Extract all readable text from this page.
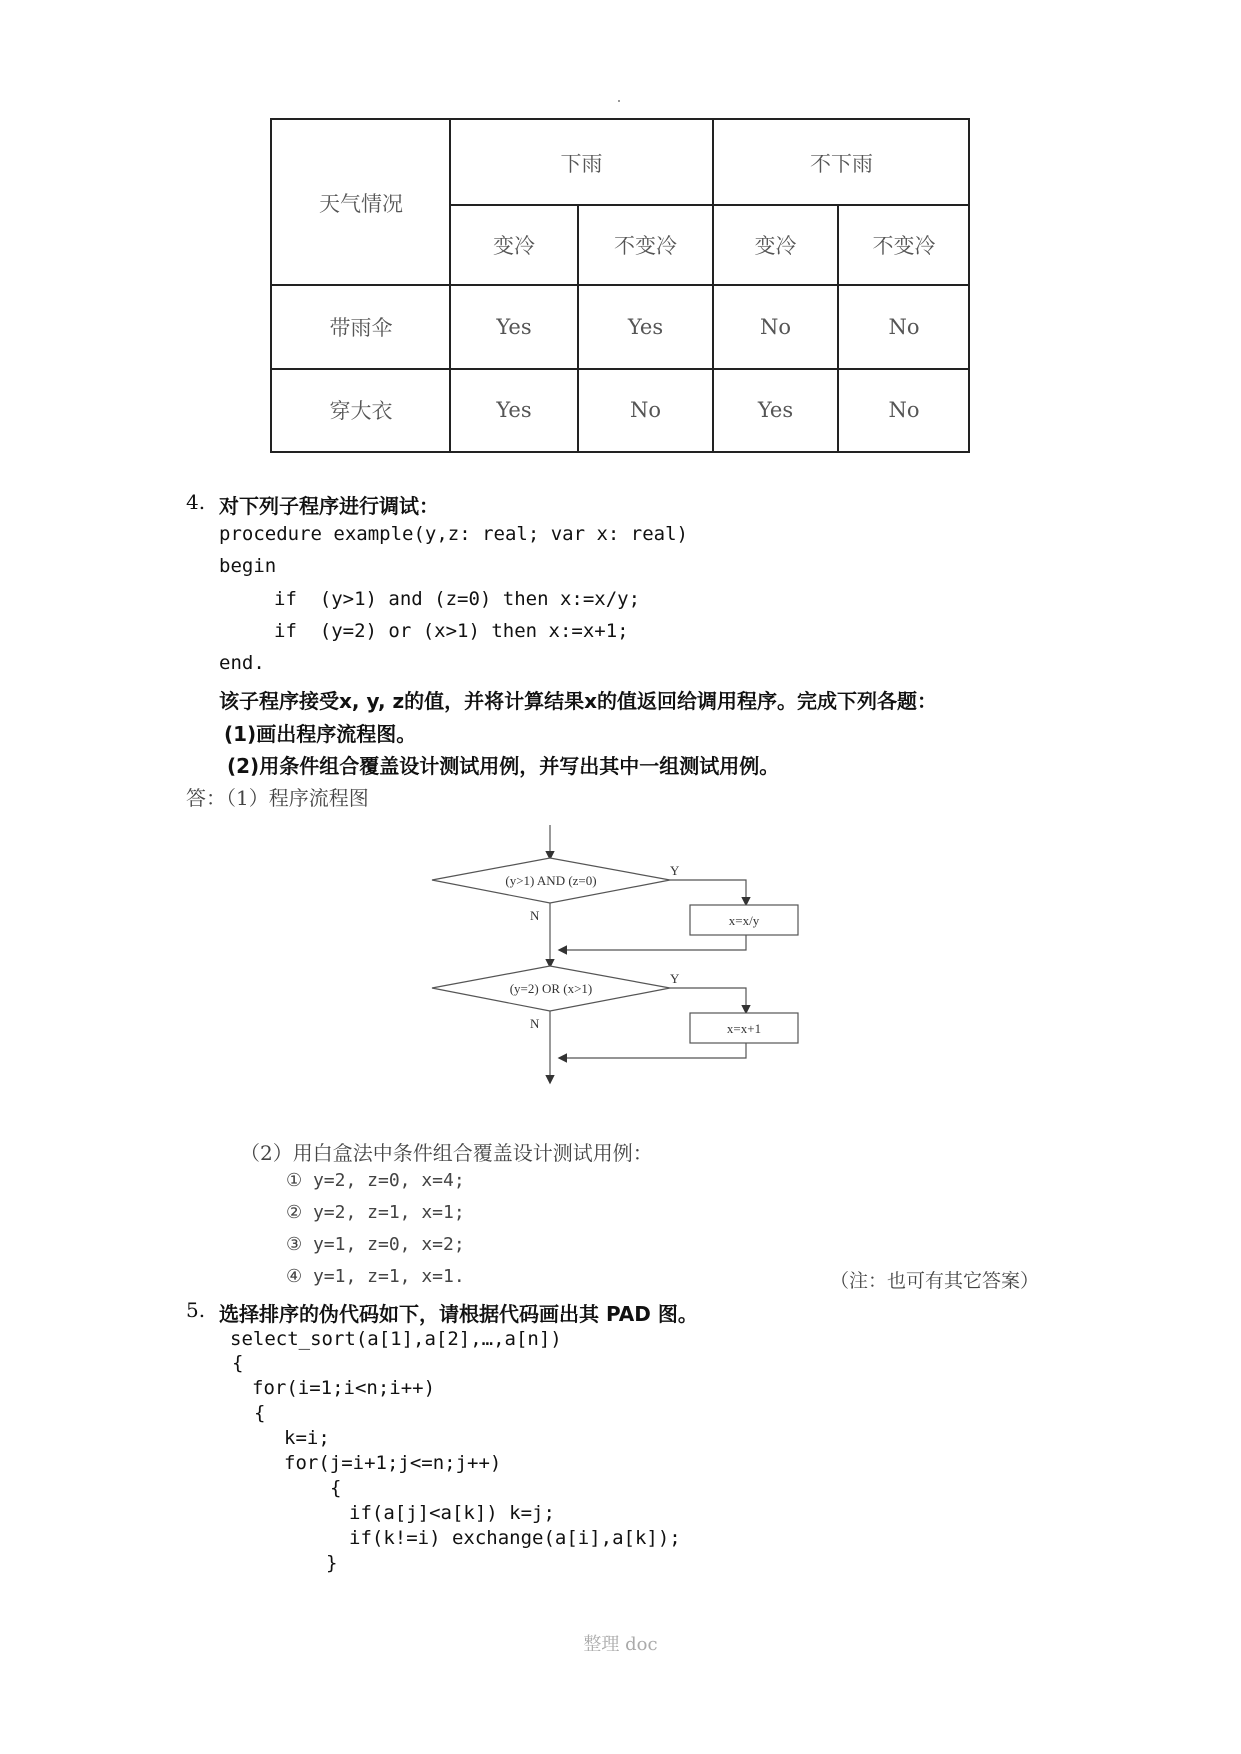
天气情况
下雨	不下雨
变冷	不变冷	变冷	不变冷
带雨伞	Yes	Yes	No	No
穿大衣	Yes	No	Yes	No
4. 对下列子程序进行调试：
procedure example(y,z: real; var x: real)
begin
if  (y>1) and (z=0) then x:=x/y;
if  (y=2) or (x>1) then x:=x+1;
end.
该子程序接受x, y, z的值，并将计算结果x的值返回给调用程序。完成下列各题：
(1)画出程序流程图。
(2)用条件组合覆盖设计测试用例，并写出其中一组测试用例。
答：（1）程序流程图
(y>1) AND (z=0)
x=x/y
(y=2) OR (x>1)
x=x+1
Y
N
Y
N
（2）用白盒法中条件组合覆盖设计测试用例：
① y=2, z=0, x=4;
② y=2, z=1, x=1;
③ y=1, z=0, x=2;
④ y=1, z=1, x=1.	（注：也可有其它答案）
5. 选择排序的伪代码如下，请根据代码画出其 PAD 图。
select_sort(a[1],a[2],…,a[n])
{
for(i=1;i<n;i++)
{
k=i;
for(j=i+1;j<=n;j++)
{
if(a[j]<a[k]) k=j;
if(k!=i) exchange(a[i],a[k]);
}
整理 doc
